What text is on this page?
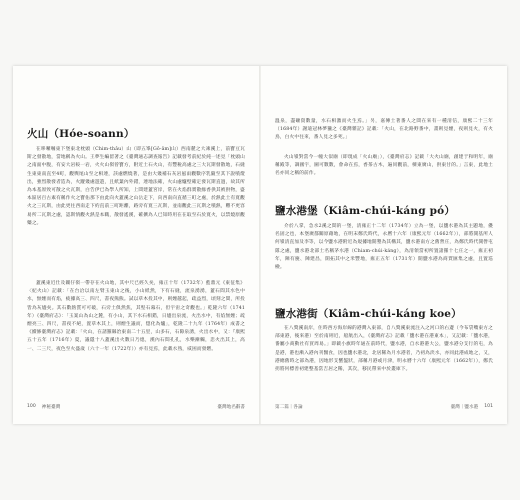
火山（Hóe-soann）
在哆囉嘓東下堡東北枕頭（Chim-thâu）山（即五峯[Gō-âm]山）西南麓之大凍溪上，前寶豆瓦斯之發散地，當地稱為火山。王夢生編留著之《臺灣通志調查報告》記載發考前紀於純一述見「枕頭山之南面中腹，有安大岩較一岩，火火山嶺曾寶方，附近土石火山，有豐稅高處之三大瓦斯發散地，石縫生東東南直至4町，觀輿尾山至之相連，該處燃燒著，是由大幾補石灰岩風雨觀數序乳隨至其下說噴燈出，強烈散發者造為，火蹤幾處遊遊，且紙葉內外錯，連地法確，火山處爐壁確定發瓦斯直過，故其所為本基原致可散之火瓦斯，白告伊已為學人所知，上間建蓋宮岸，常在火焰群實散綠香供其被供物，盛本區居百古素有稱作火之寶佑那下由此向火蓋溪之山岳走下，向西南向直循三町之處，於熱此土有寬觀火之三瓦斯，由此更往西南走下約直前三町距離，路旁有寬三瓦斯，並南觀此三瓦斯之噴熱，難不更容易所二瓦斯之處，認斯情觀火熱是本職，散發遙漢，確擴為人已知時用在在取至石於寬火，以禁燒原觀藥之。
蓋溪東近仕及關仔嶺一帶存在火山地，其中尺已經久矣，雍正十年（1732年）藍鼎元《東征集》〈紀火山〉記載：「在台洽以南左臂玉東山之後，小山紙然，下有石縫，流泉湧湧，蓋石間其水色中水，無煙而有焰，疲據高三、四尺，書夜熊熊。試以草木投其中，則煙越起，疏益烈，頃刻之間，所投皆為灰燼矣。其石數熱質可可破，石旁土俱然焦，其堅石幕石，但宇宙之奇觀也。」乾隆六年（1741年）《臺灣府志》：「玉案山為山之麓，有小山，其下水石相錯，日燼出泉流，火出水中，有焰無煙；疏煙亮三、四尺，書夜不絕，置草木其上，則煙生議而，惚化為爐」，乾隆二十九年（1764年）成書之《續修臺灣府志》記載：「火山，在諸羅縣治東南二十五里，山多石，石隙泉湧，火出水中，又：『康熙五十五年（1716年）夏，議隱十八蓋溪出火數日乃熄，漢內石間孔孔，水樂漸觸，悲火出其上，高一、二三尺，夜色至火盛歲（六十一年（1722年））亦有見焉，此載水熟，威困而發燃。
100 神秘臺灣	臺灣地名辭書
溫泉，盡礦資數量，水石相激而火生焉。」另，嘉傳土著番人之間在來有一種清信，康熙二十三年（1684年）謝迪冠林夢獵之《臺灣雜記》記載：「火山，在北路野番中，畫則見煙，夜則見火，有火鳥，白火中往來，番人見之多死。」
火山嶺對當今一幢大似廟（即現成「火山廟」），《臺灣府志》記載「大火山廟，創建于和明年，廟稱殿等，調國宇，圖可數數，會命在焉，香茶古木，遍同觀前，樑東廣山，供東甘的。」言東，此地土名亦同之稱的前作。
鹽水港堡（Kiâm-chúi-káng pó）
介於八掌，急水2溪之間的一堡，清雍正十二年（1734年）立為一堡，以鹽水港為其主題地，優名固之也，本堡廣都關原藉地，在明末鄭氏時代，永曆十六年（康熙元年（1662年）），部將開基所人何嶺清直加及李等，以今鹽水港附近為規據地開墾為其構其，鹽水港南方之舊營庄，為鄭氏時代開營屯隊之處，鹽水港北部土名稱茅水港（Chiam-chúi-káng），為清領當初所置諸羅十七庄之一，雍正初年，陳有慶、陳建昌，開拓其中之米豐地，雍正五年（1731年）開鹽水港為商賈匯集之處，且置巡檢。
鹽水港街（Kiâm-chúi-káng koe）
在八獎溪南岸，住時西方海岸線的港灣入東部，自八獎溪東流注入之河口的右邊（今布袋嘴東方之部東港，後來港）至於南則近，船航出入，《臺灣府志》記載「鹽水港在港東本」，又記載：「鹽水港，番屬小商動社有買周易。」即載小旗時年通在前時代，鹽水港，自水港港大公，鹽水港分支行的屯，為是港，港也漸入港內刊醫食，因也鹽水港北，北居稀為月水港者，乃初為淡水，亦同此港成地之，又，港總舊時之部為港，因地形支蟹盤狀，部稱月港或月津，明永曆十六年（康熙元年（1662年）），鄭氏拐將何標善初建整基當吉居之稀，其次，移民帶來中於叢庫下。
第二篇｜各論	臺灣｜鹽水港 101
